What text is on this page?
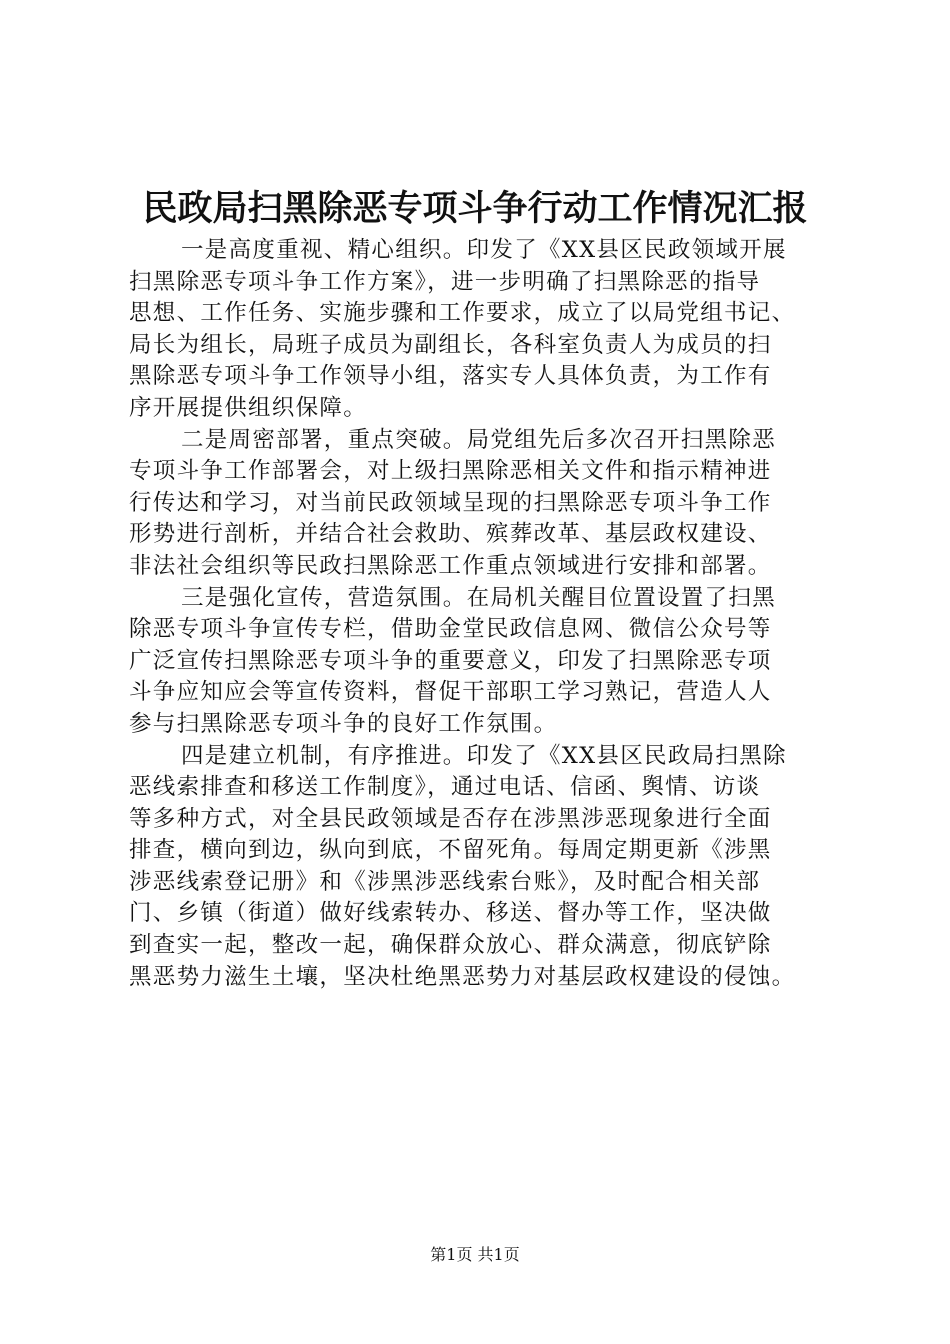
民政局扫黑除恶专项斗争行动工作情况汇报
一是高度重视、精心组织。印发了《XX县区民政领域开展
扫黑除恶专项斗争工作方案》，进一步明确了扫黑除恶的指导
思想、工作任务、实施步骤和工作要求，成立了以局党组书记、
局长为组长，局班子成员为副组长，各科室负责人为成员的扫
黑除恶专项斗争工作领导小组，落实专人具体负责，为工作有
序开展提供组织保障。
二是周密部署，重点突破。局党组先后多次召开扫黑除恶
专项斗争工作部署会，对上级扫黑除恶相关文件和指示精神进
行传达和学习，对当前民政领域呈现的扫黑除恶专项斗争工作
形势进行剖析，并结合社会救助、殡葬改革、基层政权建设、
非法社会组织等民政扫黑除恶工作重点领域进行安排和部署。
三是强化宣传，营造氛围。在局机关醒目位置设置了扫黑
除恶专项斗争宣传专栏，借助金堂民政信息网、微信公众号等
广泛宣传扫黑除恶专项斗争的重要意义，印发了扫黑除恶专项
斗争应知应会等宣传资料，督促干部职工学习熟记，营造人人
参与扫黑除恶专项斗争的良好工作氛围。
四是建立机制，有序推进。印发了《XX县区民政局扫黑除
恶线索排查和移送工作制度》，通过电话、信函、舆情、访谈
等多种方式，对全县民政领域是否存在涉黑涉恶现象进行全面
排查，横向到边，纵向到底，不留死角。每周定期更新《涉黑
涉恶线索登记册》和《涉黑涉恶线索台账》，及时配合相关部
门、乡镇（街道）做好线索转办、移送、督办等工作，坚决做
到查实一起，整改一起，确保群众放心、群众满意，彻底铲除
黑恶势力滋生土壤，坚决杜绝黑恶势力对基层政权建设的侵蚀。
第1页 共1页
